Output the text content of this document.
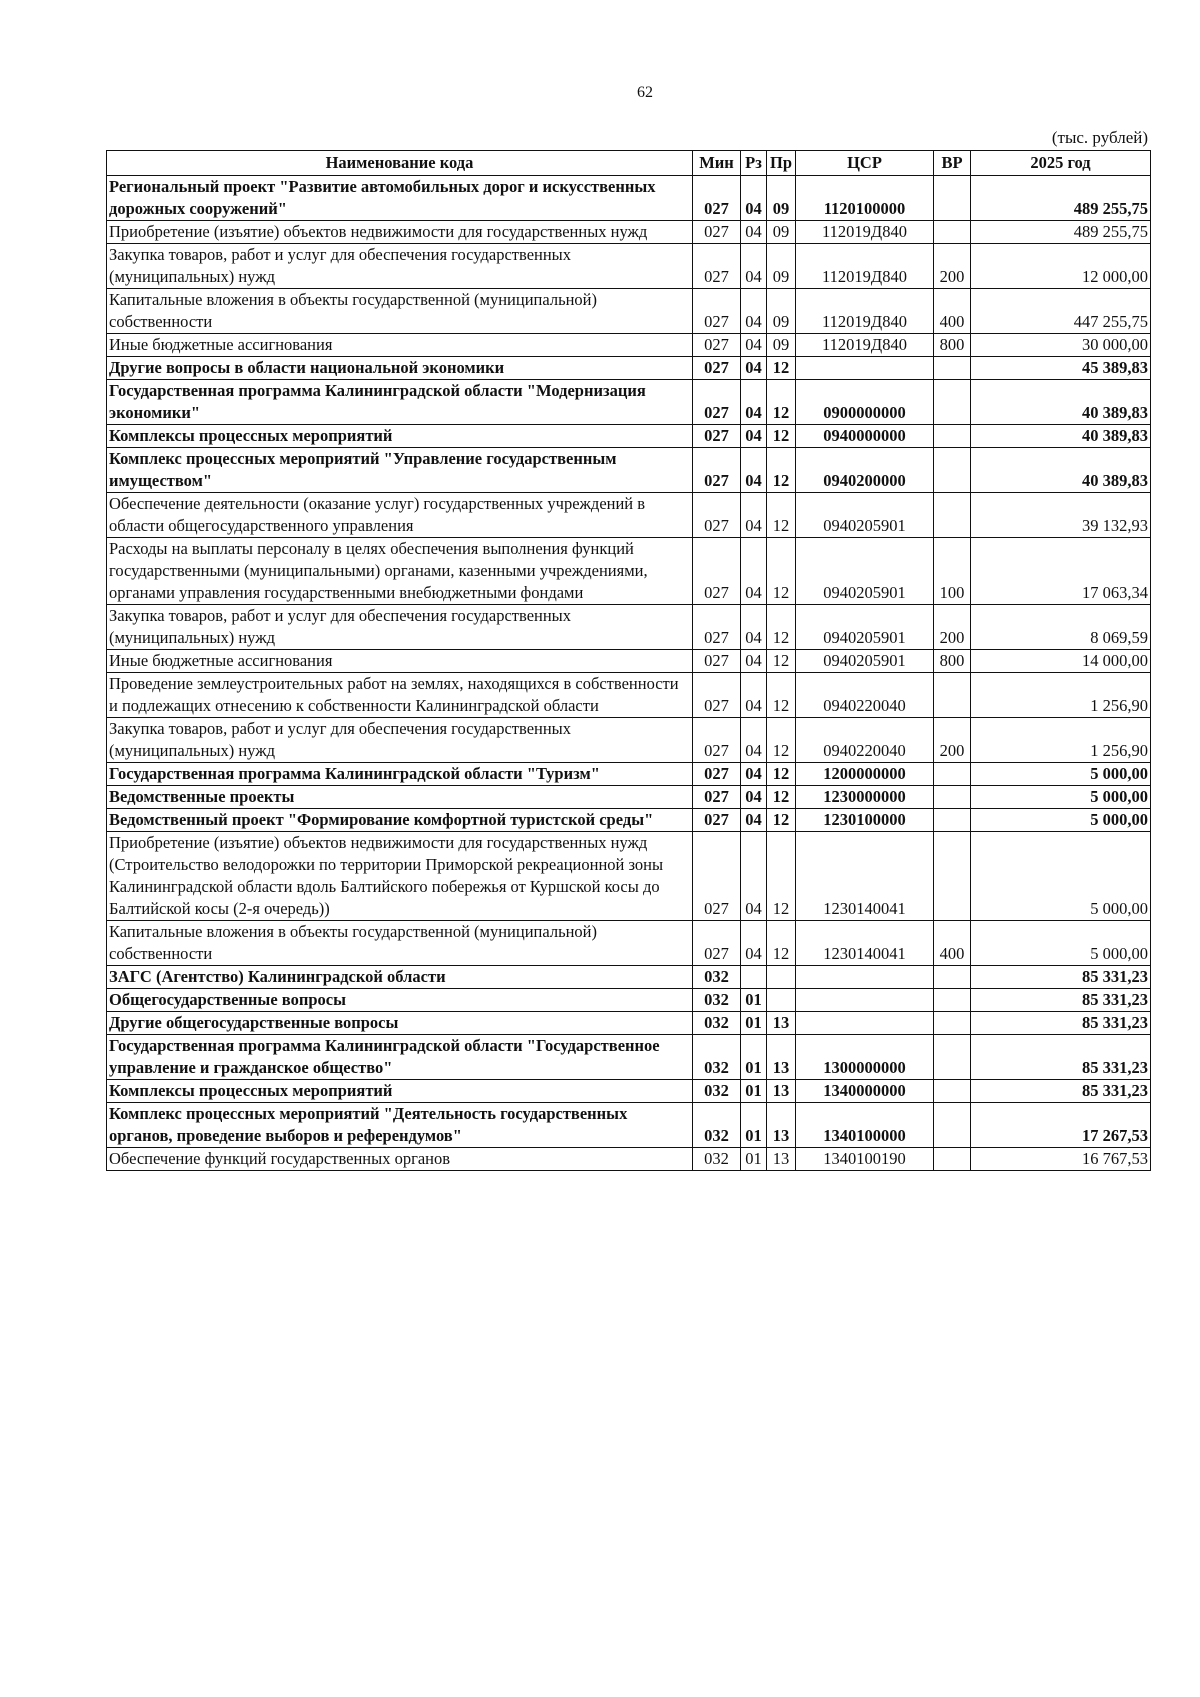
62
(тыс. рублей)
Наименование кода	Мин	Рз	Пр	ЦСР	ВР	2025 год
Региональный проект "Развитие автомобильных дорог и искусственных дорожных сооружений"	027	04	09	1120100000		489 255,75
Приобретение (изъятие) объектов недвижимости для государственных нужд	027	04	09	112019Д840		489 255,75
Закупка товаров, работ и услуг для обеспечения государственных (муниципальных) нужд	027	04	09	112019Д840	200	12 000,00
Капитальные вложения в объекты государственной (муниципальной) собственности	027	04	09	112019Д840	400	447 255,75
Иные бюджетные ассигнования	027	04	09	112019Д840	800	30 000,00
Другие вопросы в области национальной экономики	027	04	12			45 389,83
Государственная программа Калининградской области "Модернизация экономики"	027	04	12	0900000000		40 389,83
Комплексы процессных мероприятий	027	04	12	0940000000		40 389,83
Комплекс процессных мероприятий "Управление государственным имуществом"	027	04	12	0940200000		40 389,83
Обеспечение деятельности (оказание услуг) государственных учреждений в области общегосударственного управления	027	04	12	0940205901		39 132,93
Расходы на выплаты персоналу в целях обеспечения выполнения функций государственными (муниципальными) органами, казенными учреждениями, органами управления государственными внебюджетными фондами	027	04	12	0940205901	100	17 063,34
Закупка товаров, работ и услуг для обеспечения государственных (муниципальных) нужд	027	04	12	0940205901	200	8 069,59
Иные бюджетные ассигнования	027	04	12	0940205901	800	14 000,00
Проведение землеустроительных работ на землях, находящихся в собственности и подлежащих отнесению к собственности Калининградской области	027	04	12	0940220040		1 256,90
Закупка товаров, работ и услуг для обеспечения государственных (муниципальных) нужд	027	04	12	0940220040	200	1 256,90
Государственная программа Калининградской области "Туризм"	027	04	12	1200000000		5 000,00
Ведомственные проекты	027	04	12	1230000000		5 000,00
Ведомственный проект "Формирование комфортной туристской среды"	027	04	12	1230100000		5 000,00
Приобретение (изъятие) объектов недвижимости для государственных нужд (Строительство велодорожки по территории Приморской рекреационной зоны Калининградской области вдоль Балтийского побережья от Куршской косы до Балтийской косы (2-я очередь))	027	04	12	1230140041		5 000,00
Капитальные вложения в объекты государственной (муниципальной) собственности	027	04	12	1230140041	400	5 000,00
ЗАГС (Агентство) Калининградской области	032					85 331,23
Общегосударственные вопросы	032	01				85 331,23
Другие общегосударственные вопросы	032	01	13			85 331,23
Государственная программа Калининградской области "Государственное управление и гражданское общество"	032	01	13	1300000000		85 331,23
Комплексы процессных мероприятий	032	01	13	1340000000		85 331,23
Комплекс процессных мероприятий "Деятельность государственных органов, проведение выборов и референдумов"	032	01	13	1340100000		17 267,53
Обеспечение функций государственных органов	032	01	13	1340100190		16 767,53
